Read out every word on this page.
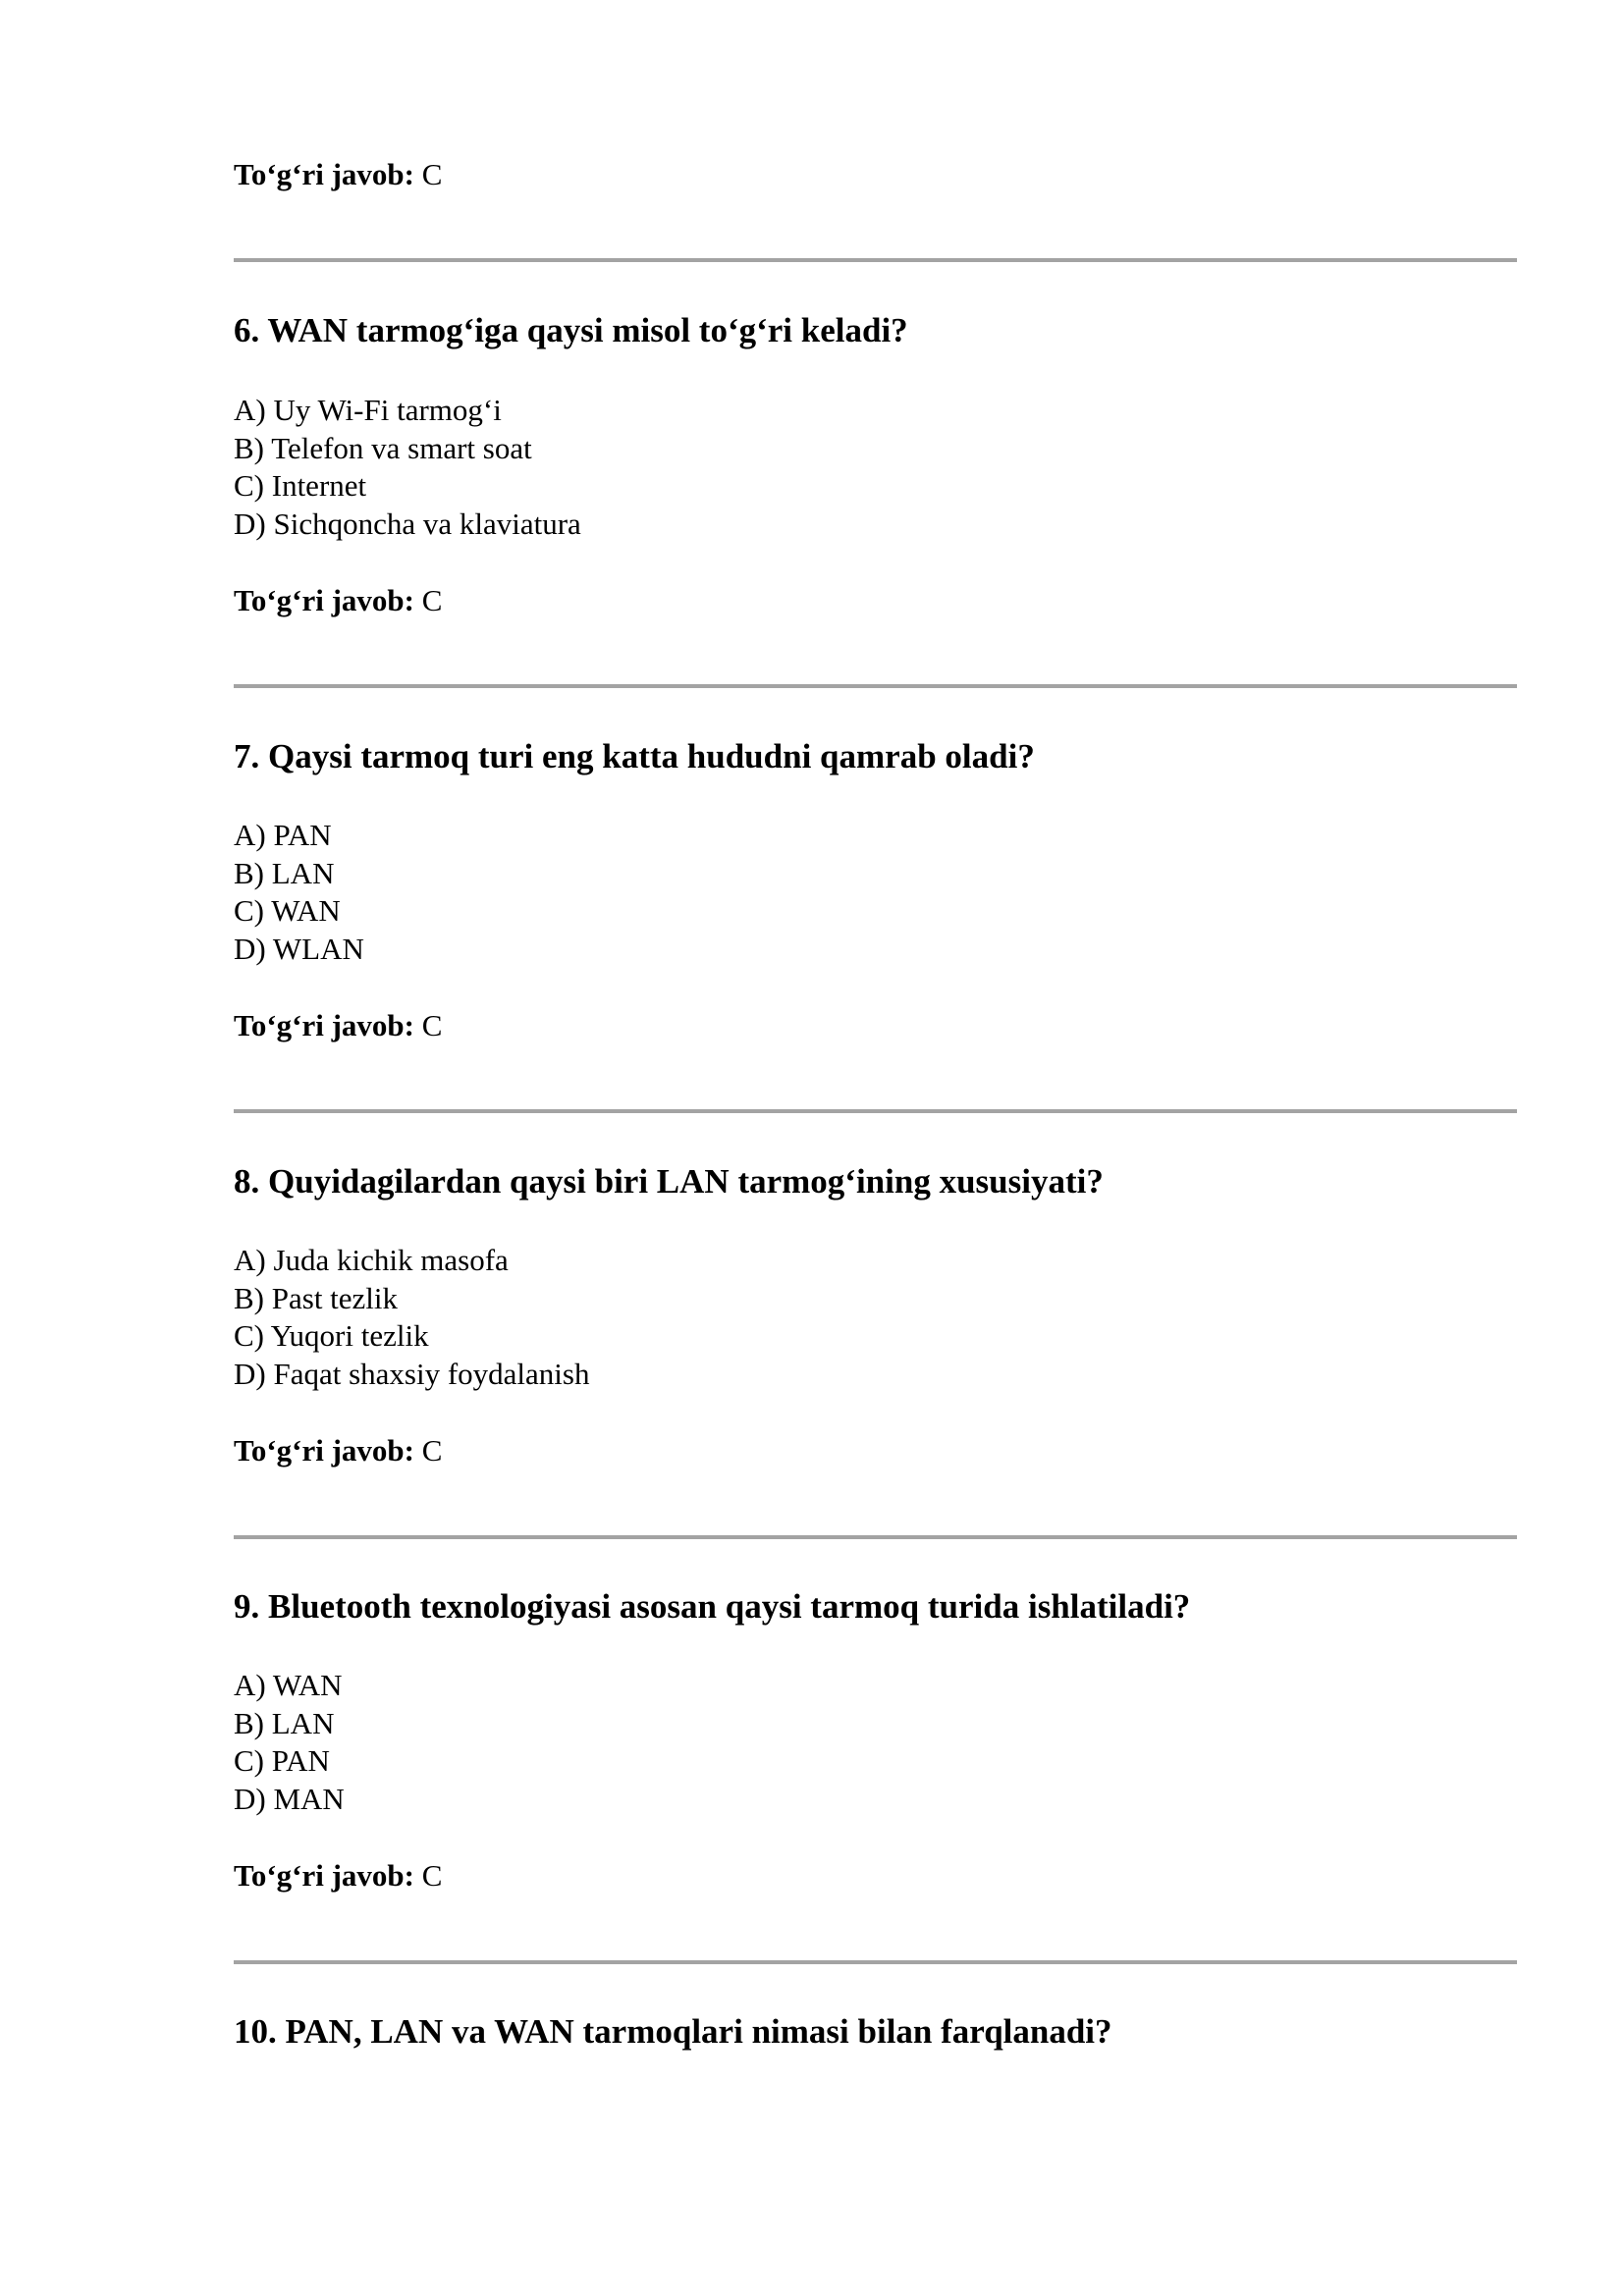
To‘g‘ri javob: C
6. WAN tarmog‘iga qaysi misol to‘g‘ri keladi?
A) Uy Wi-Fi tarmog‘i
B) Telefon va smart soat
C) Internet
D) Sichqoncha va klaviatura
To‘g‘ri javob: C
7. Qaysi tarmoq turi eng katta hududni qamrab oladi?
A) PAN
B) LAN
C) WAN
D) WLAN
To‘g‘ri javob: C
8. Quyidagilardan qaysi biri LAN tarmog‘ining xususiyati?
A) Juda kichik masofa
B) Past tezlik
C) Yuqori tezlik
D) Faqat shaxsiy foydalanish
To‘g‘ri javob: C
9. Bluetooth texnologiyasi asosan qaysi tarmoq turida ishlatiladi?
A) WAN
B) LAN
C) PAN
D) MAN
To‘g‘ri javob: C
10. PAN, LAN va WAN tarmoqlari nimasi bilan farqlanadi?
